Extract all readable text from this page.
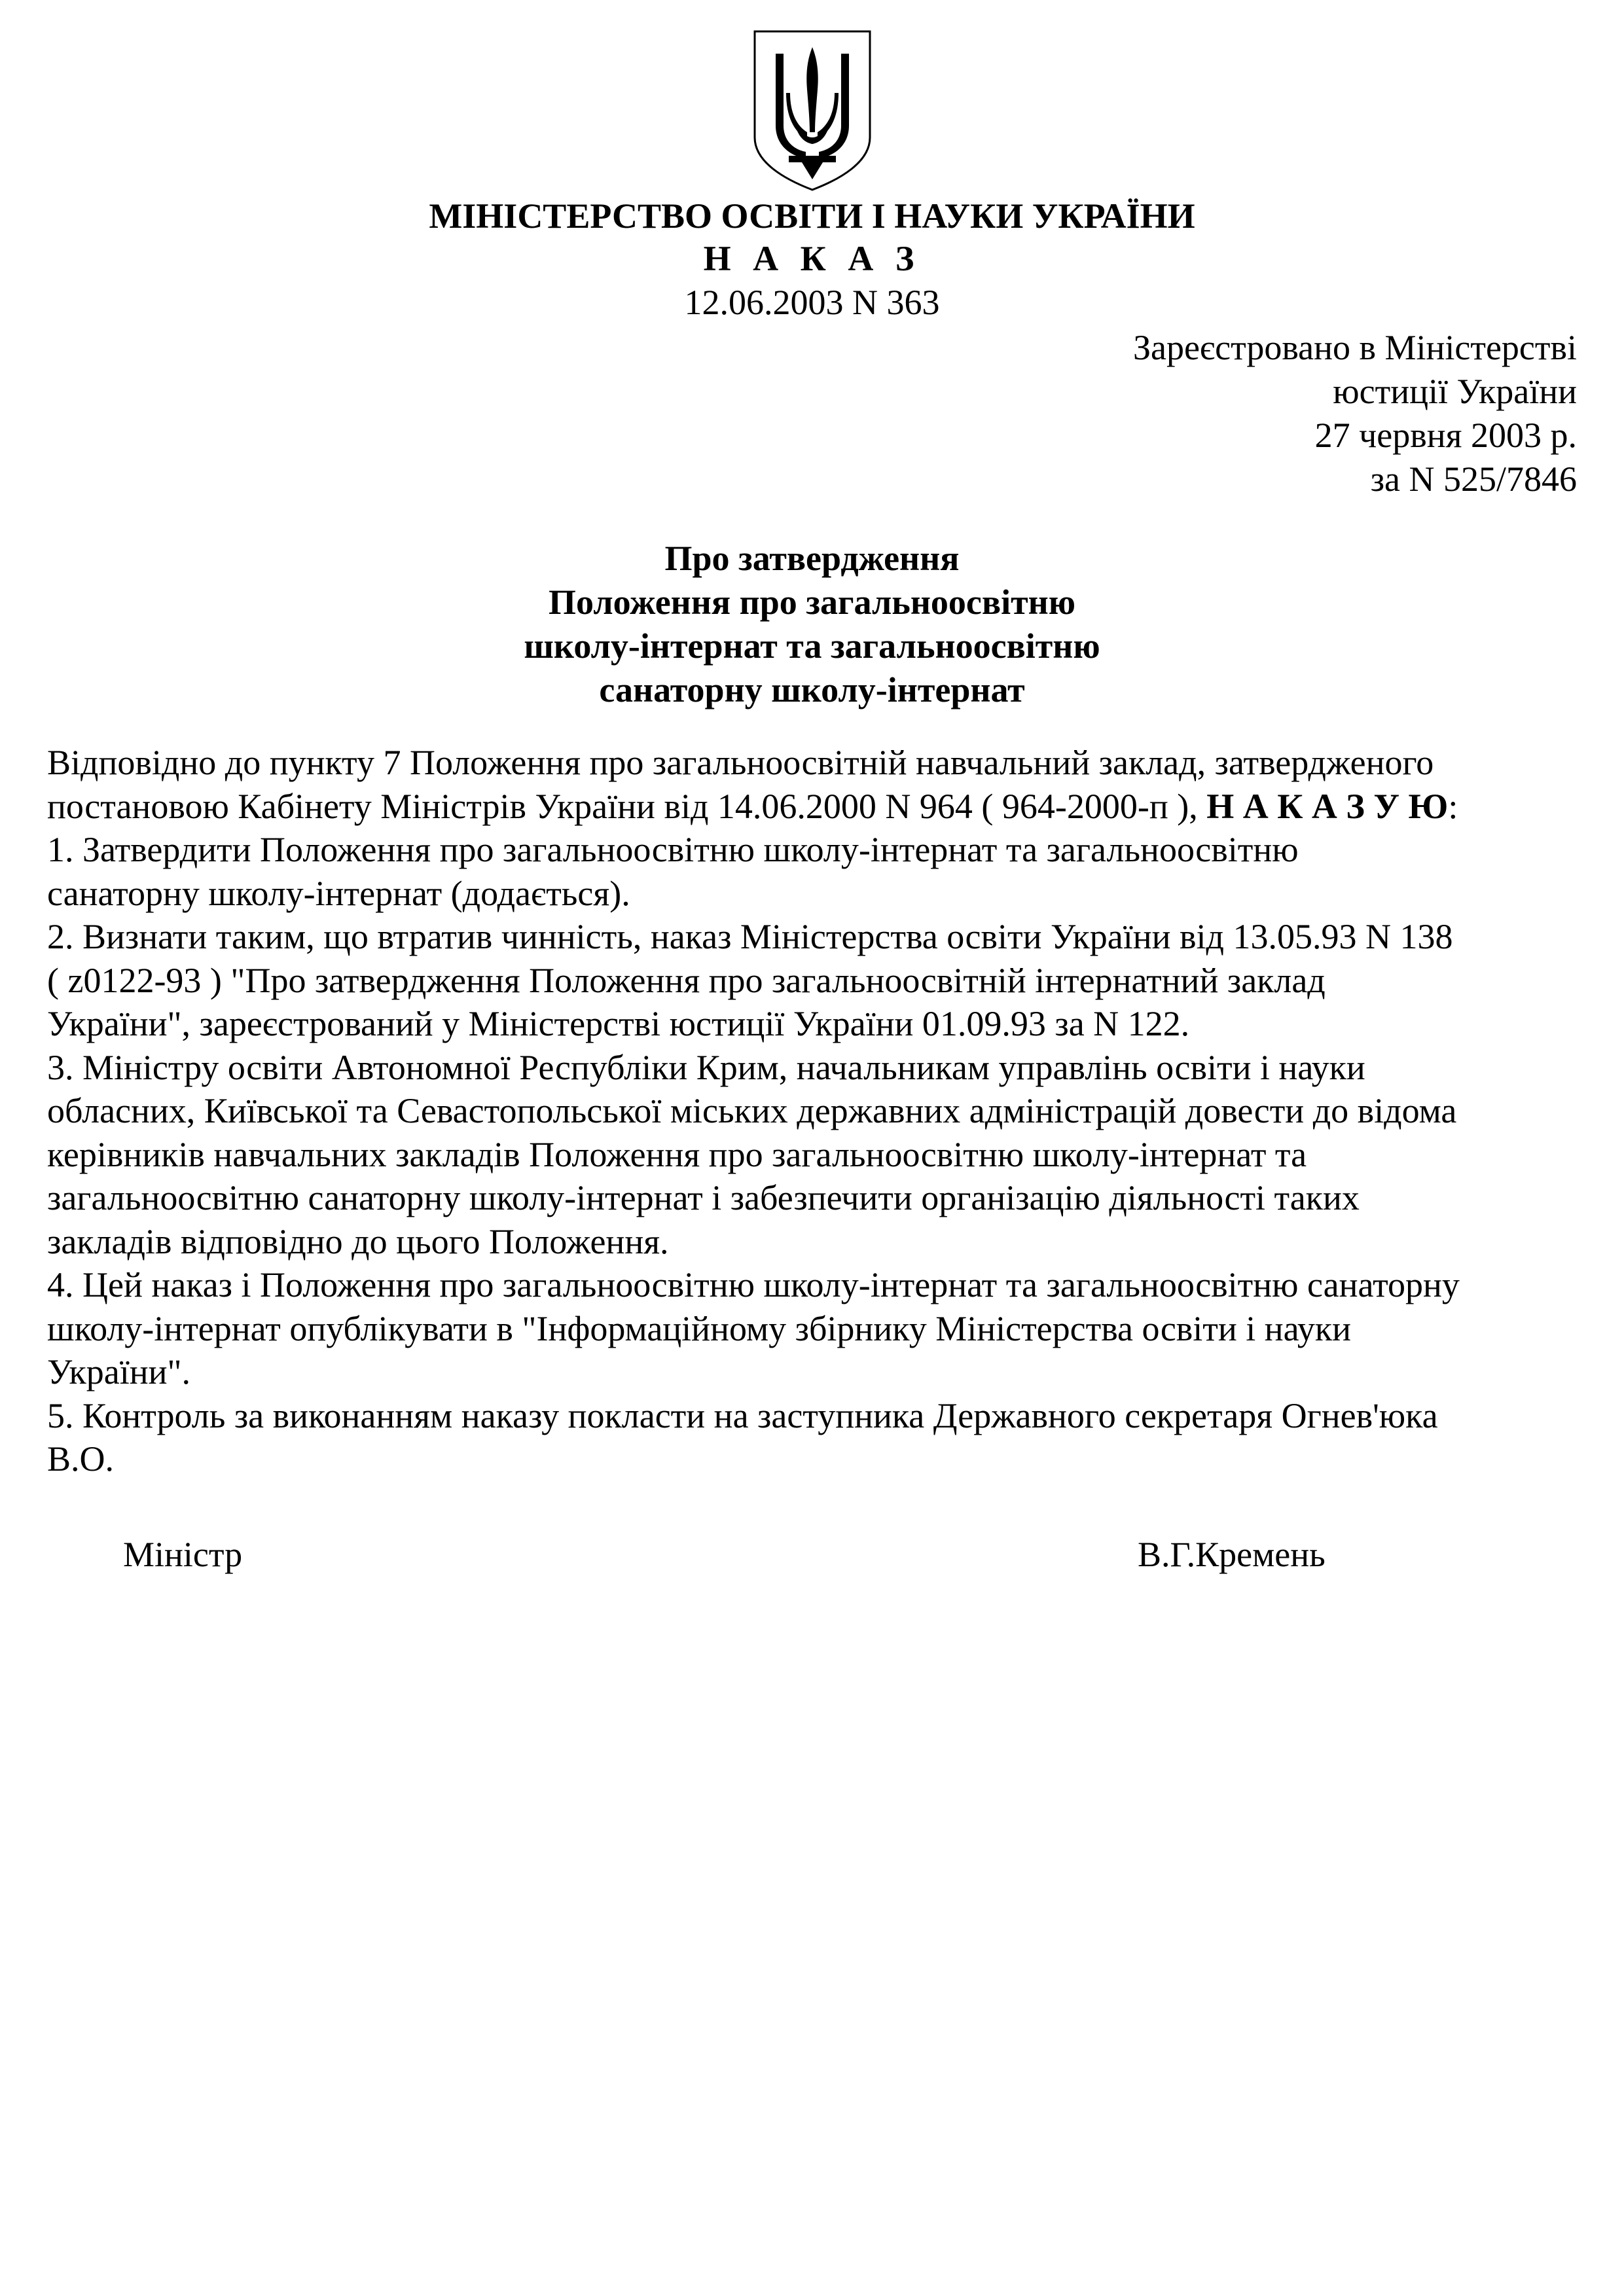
МІНІСТЕРСТВО ОСВІТИ І НАУКИ УКРАЇНИ
Н А К А З
12.06.2003 N 363
Зареєстровано в Міністерстві
юстиції України
27 червня 2003 р.
за N 525/7846
Про затвердження
Положення про загальноосвітню
школу-інтернат та загальноосвітню
санаторну школу-інтернат
Відповідно до пункту 7 Положення про загальноосвітній навчальний заклад, затвердженого
постановою Кабінету Міністрів України від 14.06.2000 N 964 ( 964-2000-п ), Н А К А З У Ю:
1. Затвердити Положення про загальноосвітню школу-інтернат та загальноосвітню
санаторну школу-інтернат (додається).
2. Визнати таким, що втратив чинність, наказ Міністерства освіти України від 13.05.93 N 138
( z0122-93 ) "Про затвердження Положення про загальноосвітній інтернатний заклад
України", зареєстрований у Міністерстві юстиції України 01.09.93 за N 122.
3. Міністру освіти Автономної Республіки Крим, начальникам управлінь освіти і науки
обласних, Київської та Севастопольської міських державних адміністрацій довести до відома
керівників навчальних закладів Положення про загальноосвітню школу-інтернат та
загальноосвітню санаторну школу-інтернат і забезпечити організацію діяльності таких
закладів відповідно до цього Положення.
4. Цей наказ і Положення про загальноосвітню школу-інтернат та загальноосвітню санаторну
школу-інтернат опублікувати в "Інформаційному збірнику Міністерства освіти і науки
України".
5. Контроль за виконанням наказу покласти на заступника Державного секретаря Огнев'юка
В.О.
Міністр	В.Г.Кремень
